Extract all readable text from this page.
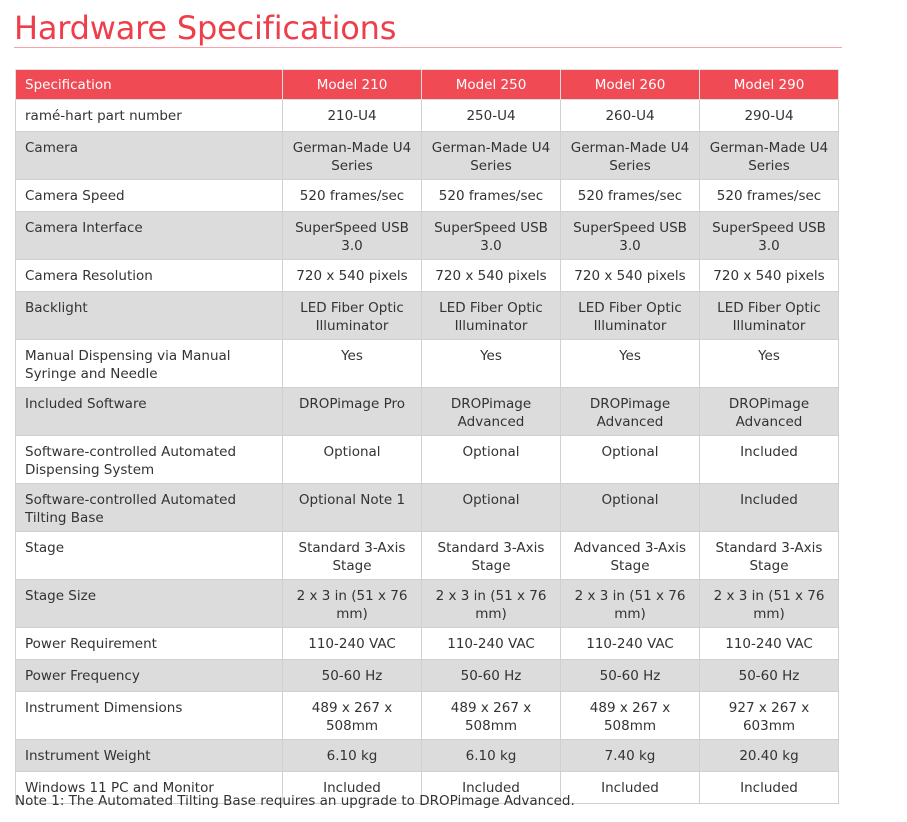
Hardware Specifications
Specification	Model 210	Model 250	Model 260	Model 290
ramé-hart part number	210-U4	250-U4	260-U4	290-U4
Camera	German-Made U4 Series	German-Made U4 Series	German-Made U4 Series	German-Made U4 Series
Camera Speed	520 frames/sec	520 frames/sec	520 frames/sec	520 frames/sec
Camera Interface	SuperSpeed USB 3.0	SuperSpeed USB 3.0	SuperSpeed USB 3.0	SuperSpeed USB 3.0
Camera Resolution	720 x 540 pixels	720 x 540 pixels	720 x 540 pixels	720 x 540 pixels
Backlight	LED Fiber Optic Illuminator	LED Fiber Optic Illuminator	LED Fiber Optic Illuminator	LED Fiber Optic Illuminator
Manual Dispensing via Manual Syringe and Needle	Yes	Yes	Yes	Yes
Included Software	DROPimage Pro	DROPimage Advanced	DROPimage Advanced	DROPimage Advanced
Software-controlled Automated Dispensing System	Optional	Optional	Optional	Included
Software-controlled Automated Tilting Base	Optional Note 1	Optional	Optional	Included
Stage	Standard 3-Axis Stage	Standard 3-Axis Stage	Advanced 3-Axis Stage	Standard 3-Axis Stage
Stage Size	2 x 3 in (51 x 76 mm)	2 x 3 in (51 x 76 mm)	2 x 3 in (51 x 76 mm)	2 x 3 in (51 x 76 mm)
Power Requirement	110-240 VAC	110-240 VAC	110-240 VAC	110-240 VAC
Power Frequency	50-60 Hz	50-60 Hz	50-60 Hz	50-60 Hz
Instrument Dimensions	489 x 267 x 508mm	489 x 267 x 508mm	489 x 267 x 508mm	927 x 267 x 603mm
Instrument Weight	6.10 kg	6.10 kg	7.40 kg	20.40 kg
Windows 11 PC and Monitor	Included	Included	Included	Included

Note 1: The Automated Tilting Base requires an upgrade to DROPimage Advanced.
